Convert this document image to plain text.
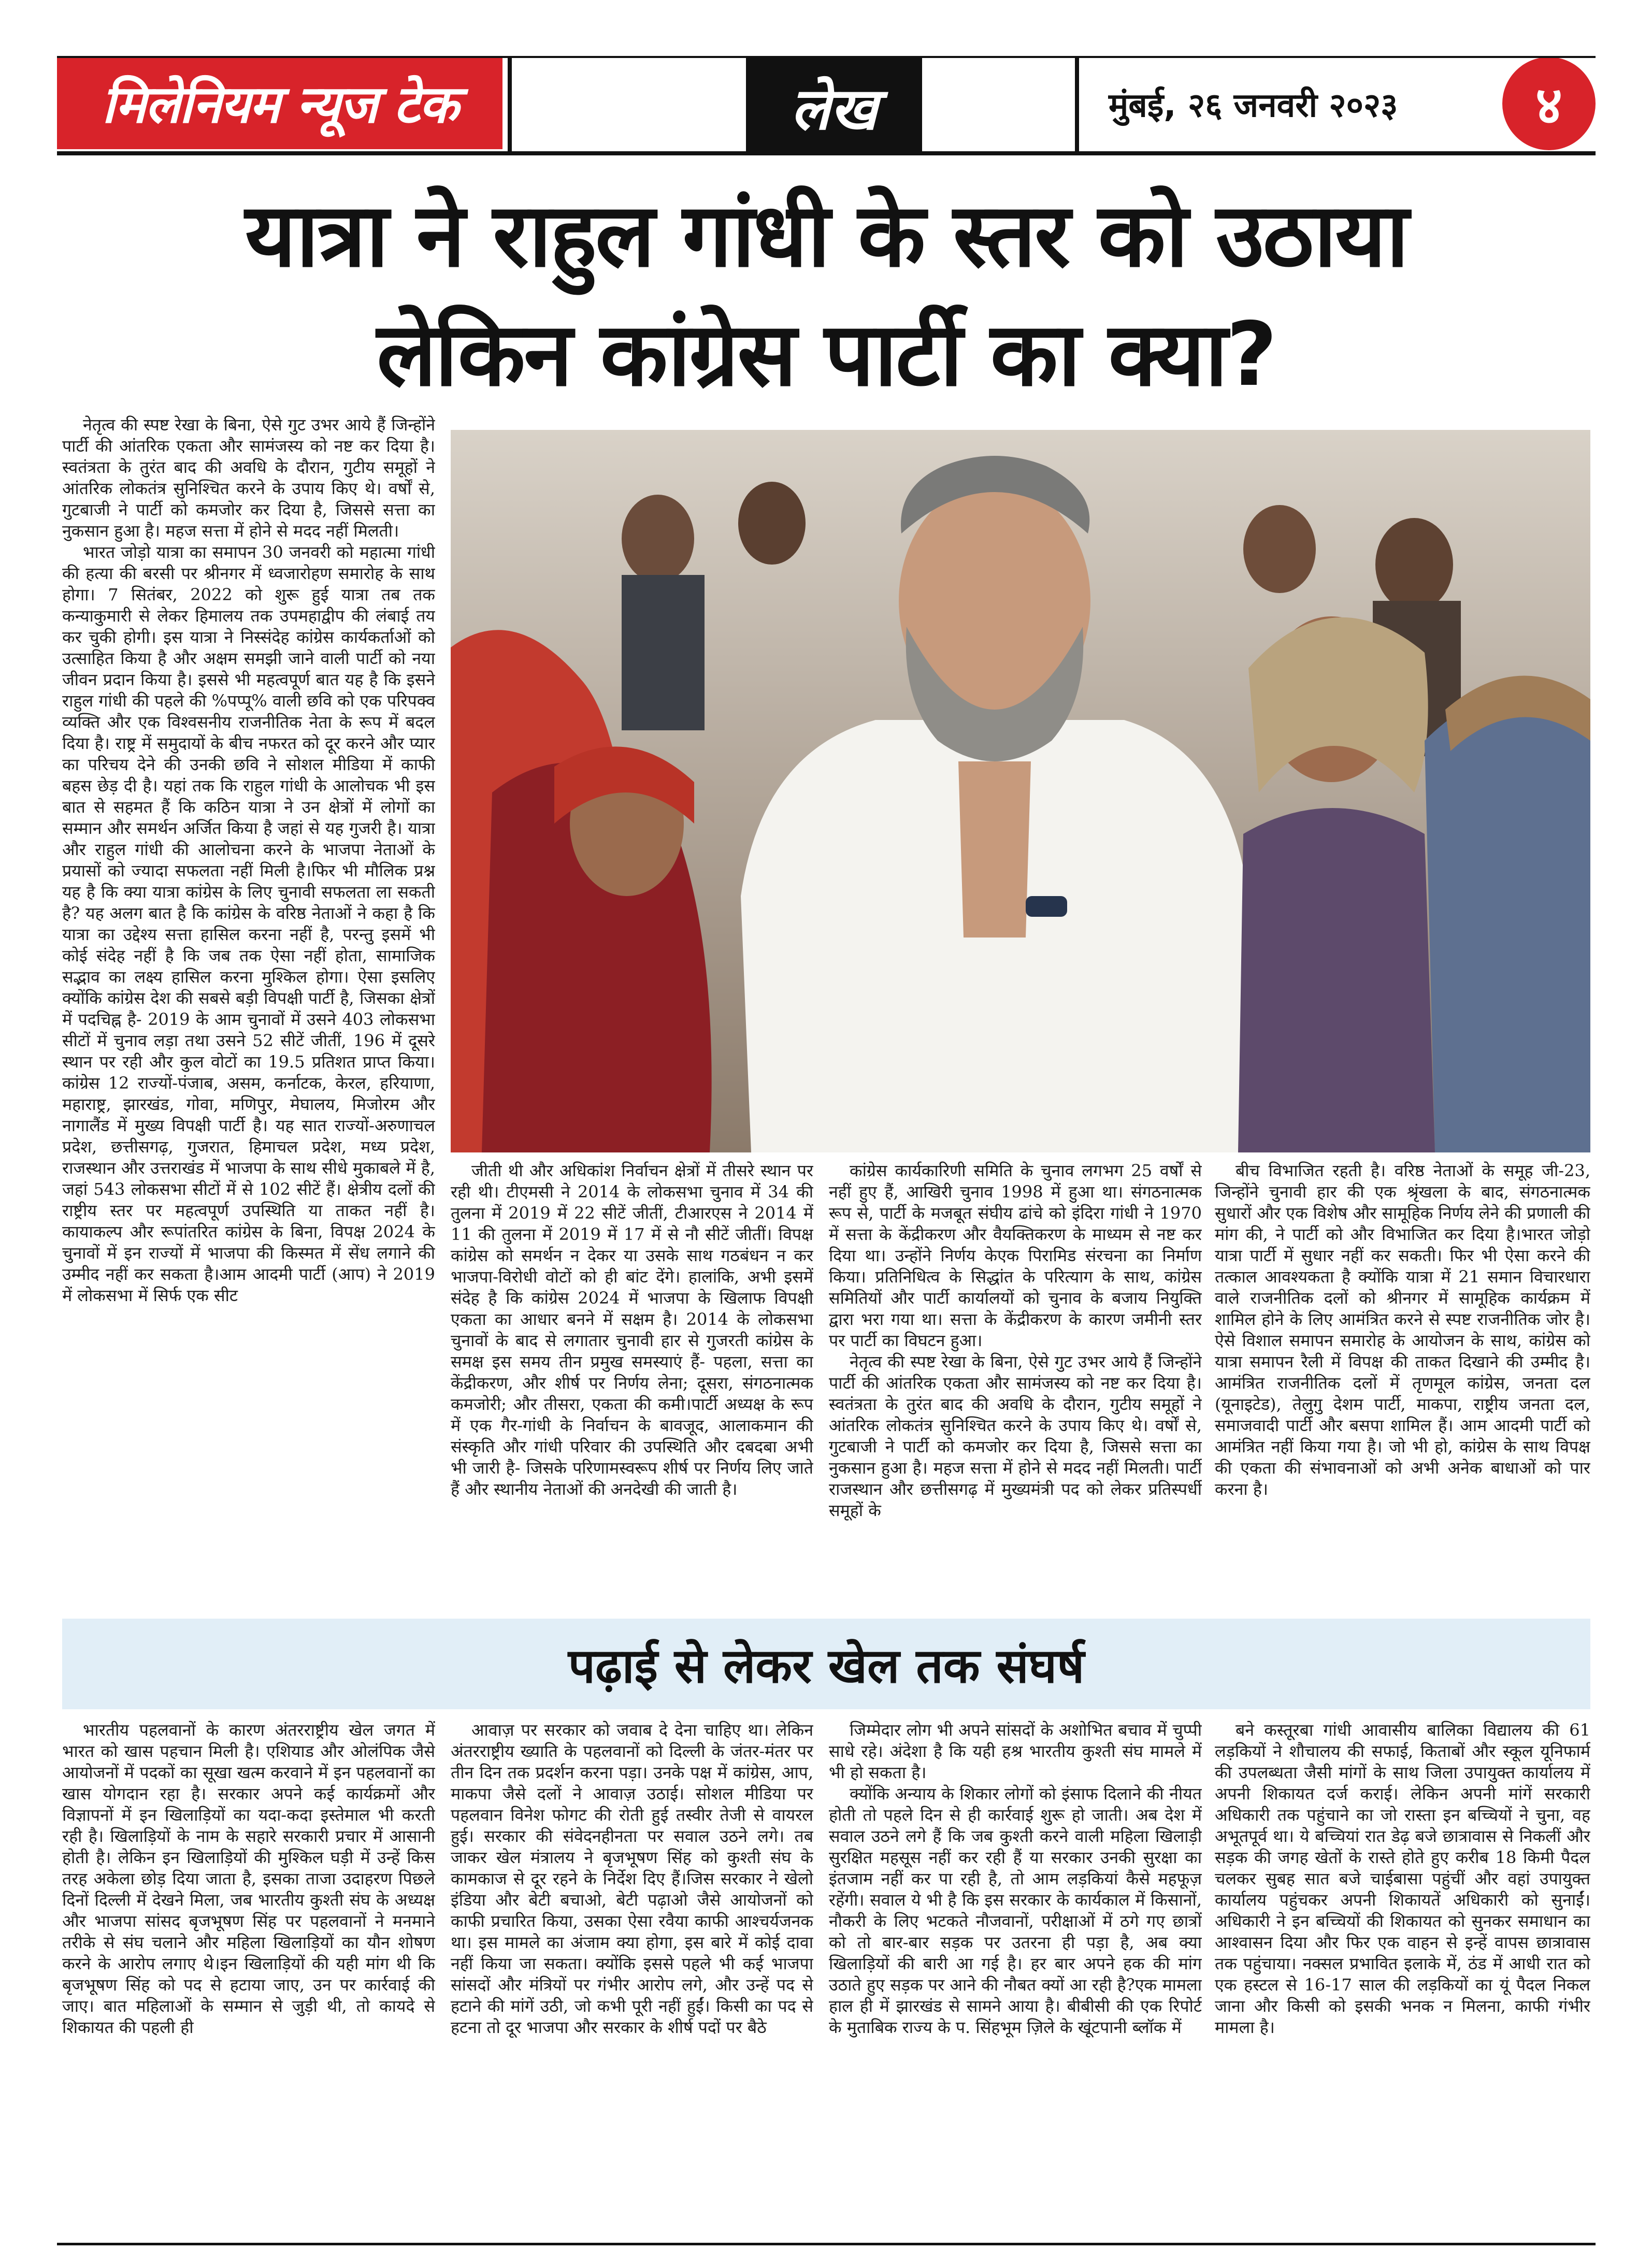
मिलेनियम न्यूज टेक	लेख	मुंबई, २६ जनवरी २०२३	४
यात्रा ने राहुल गांधी के स्तर को उठाया
लेकिन कांग्रेस पार्टी का क्या?

नेतृत्व की स्पष्ट रेखा के बिना, ऐसे गुट उभर आये हैं जिन्होंने पार्टी की आंतरिक एकता और सामंजस्य को नष्ट कर दिया है। स्वतंत्रता के तुरंत बाद की अवधि के दौरान, गुटीय समूहों ने आंतरिक लोकतंत्र सुनिश्चित करने के उपाय किए थे। वर्षों से, गुटबाजी ने पार्टी को कमजोर कर दिया है, जिससे सत्ता का नुकसान हुआ है। महज सत्ता में होने से मदद नहीं मिलती।

भारत जोड़ो यात्रा का समापन 30 जनवरी को महात्मा गांधी की हत्या की बरसी पर श्रीनगर में ध्वजारोहण समारोह के साथ होगा। 7 सितंबर, 2022 को शुरू हुई यात्रा तब तक कन्याकुमारी से लेकर हिमालय तक उपमहाद्वीप की लंबाई तय कर चुकी होगी। इस यात्रा ने निस्संदेह कांग्रेस कार्यकर्ताओं को उत्साहित किया है और अक्षम समझी जाने वाली पार्टी को नया जीवन प्रदान किया है। इससे भी महत्वपूर्ण बात यह है कि इसने राहुल गांधी की पहले की %पप्पू% वाली छवि को एक परिपक्व व्यक्ति और एक विश्वसनीय राजनीतिक नेता के रूप में बदल दिया है। राष्ट्र में समुदायों के बीच नफरत को दूर करने और प्यार का परिचय देने की उनकी छवि ने सोशल मीडिया में काफी बहस छेड़ दी है। यहां तक कि राहुल गांधी के आलोचक भी इस बात से सहमत हैं कि कठिन यात्रा ने उन क्षेत्रों में लोगों का सम्मान और समर्थन अर्जित किया है जहां से यह गुजरी है। यात्रा और राहुल गांधी की आलोचना करने के भाजपा नेताओं के प्रयासों को ज्यादा सफलता नहीं मिली है।फिर भी मौलिक प्रश्न यह है कि क्या यात्रा कांग्रेस के लिए चुनावी सफलता ला सकती है? यह अलग बात है कि कांग्रेस के वरिष्ठ नेताओं ने कहा है कि यात्रा का उद्देश्य सत्ता हासिल करना नहीं है, परन्तु इसमें भी कोई संदेह नहीं है कि जब तक ऐसा नहीं होता, सामाजिक सद्भाव का लक्ष्य हासिल करना मुश्किल होगा। ऐसा इसलिए क्योंकि कांग्रेस देश की सबसे बड़ी विपक्षी पार्टी है, जिसका क्षेत्रों में पदचिह्न है- 2019 के आम चुनावों में उसने 403 लोकसभा सीटों में चुनाव लड़ा तथा उसने 52 सीटें जीतीं, 196 में दूसरे स्थान पर रही और कुल वोटों का 19.5 प्रतिशत प्राप्त किया।कांग्रेस 12 राज्यों-पंजाब, असम, कर्नाटक, केरल, हरियाणा, महाराष्ट्र, झारखंड, गोवा, मणिपुर, मेघालय, मिजोरम और नागालैंड में मुख्य विपक्षी पार्टी है। यह सात राज्यों-अरुणाचल प्रदेश, छत्तीसगढ़, गुजरात, हिमाचल प्रदेश, मध्य प्रदेश, राजस्थान और उत्तराखंड में भाजपा के साथ सीधे मुकाबले में है, जहां 543 लोकसभा सीटों में से 102 सीटें हैं। क्षेत्रीय दलों की राष्ट्रीय स्तर पर महत्वपूर्ण उपस्थिति या ताकत नहीं है। कायाकल्प और रूपांतरित कांग्रेस के बिना, विपक्ष 2024 के चुनावों में इन राज्यों में भाजपा की किस्मत में सेंध लगाने की उम्मीद नहीं कर सकता है।आम आदमी पार्टी (आप) ने 2019 में लोकसभा में सिर्फ एक सीट

जीती थी और अधिकांश निर्वाचन क्षेत्रों में तीसरे स्थान पर रही थी। टीएमसी ने 2014 के लोकसभा चुनाव में 34 की तुलना में 2019 में 22 सीटें जीतीं, टीआरएस ने 2014 में 11 की तुलना में 2019 में 17 में से नौ सीटें जीतीं। विपक्ष कांग्रेस को समर्थन न देकर या उसके साथ गठबंधन न कर भाजपा-विरोधी वोटों को ही बांट देंगे। हालांकि, अभी इसमें संदेह है कि कांग्रेस 2024 में भाजपा के खिलाफ विपक्षी एकता का आधार बनने में सक्षम है। 2014 के लोकसभा चुनावों के बाद से लगातार चुनावी हार से गुजरती कांग्रेस के समक्ष इस समय तीन प्रमुख समस्याएं हैं- पहला, सत्ता का केंद्रीकरण, और शीर्ष पर निर्णय लेना; दूसरा, संगठनात्मक कमजोरी; और तीसरा, एकता की कमी।पार्टी अध्यक्ष के रूप में एक गैर-गांधी के निर्वाचन के बावजूद, आलाकमान की संस्कृति और गांधी परिवार की उपस्थिति और दबदबा अभी भी जारी है- जिसके परिणामस्वरूप शीर्ष पर निर्णय लिए जाते हैं और स्थानीय नेताओं की अनदेखी की जाती है।

कांग्रेस कार्यकारिणी समिति के चुनाव लगभग 25 वर्षों से नहीं हुए हैं, आखिरी चुनाव 1998 में हुआ था। संगठनात्मक रूप से, पार्टी के मजबूत संघीय ढांचे को इंदिरा गांधी ने 1970 में सत्ता के केंद्रीकरण और वैयक्तिकरण के माध्यम से नष्ट कर दिया था। उन्होंने निर्णय केएक पिरामिड संरचना का निर्माण किया। प्रतिनिधित्व के सिद्धांत के परित्याग के साथ, कांग्रेस समितियों और पार्टी कार्यालयों को चुनाव के बजाय नियुक्ति द्वारा भरा गया था। सत्ता के केंद्रीकरण के कारण जमीनी स्तर पर पार्टी का विघटन हुआ।

नेतृत्व की स्पष्ट रेखा के बिना, ऐसे गुट उभर आये हैं जिन्होंने पार्टी की आंतरिक एकता और सामंजस्य को नष्ट कर दिया है। स्वतंत्रता के तुरंत बाद की अवधि के दौरान, गुटीय समूहों ने आंतरिक लोकतंत्र सुनिश्चित करने के उपाय किए थे। वर्षों से, गुटबाजी ने पार्टी को कमजोर कर दिया है, जिससे सत्ता का नुकसान हुआ है। महज सत्ता में होने से मदद नहीं मिलती। पार्टी राजस्थान और छत्तीसगढ़ में मुख्यमंत्री पद को लेकर प्रतिस्पर्धी समूहों के

बीच विभाजित रहती है। वरिष्ठ नेताओं के समूह जी-23, जिन्होंने चुनावी हार की एक श्रृंखला के बाद, संगठनात्मक सुधारों और एक विशेष और सामूहिक निर्णय लेने की प्रणाली की मांग की, ने पार्टी को और विभाजित कर दिया है।भारत जोड़ो यात्रा पार्टी में सुधार नहीं कर सकती। फिर भी ऐसा करने की तत्काल आवश्यकता है क्योंकि यात्रा में 21 समान विचारधारा वाले राजनीतिक दलों को श्रीनगर में सामूहिक कार्यक्रम में शामिल होने के लिए आमंत्रित करने से स्पष्ट राजनीतिक जोर है। ऐसे विशाल समापन समारोह के आयोजन के साथ, कांग्रेस को यात्रा समापन रैली में विपक्ष की ताकत दिखाने की उम्मीद है। आमंत्रित राजनीतिक दलों में तृणमूल कांग्रेस, जनता दल (यूनाइटेड), तेलुगु देशम पार्टी, माकपा, राष्ट्रीय जनता दल, समाजवादी पार्टी और बसपा शामिल हैं। आम आदमी पार्टी को आमंत्रित नहीं किया गया है। जो भी हो, कांग्रेस के साथ विपक्ष की एकता की संभावनाओं को अभी अनेक बाधाओं को पार करना है।

पढ़ाई से लेकर खेल तक संघर्ष

भारतीय पहलवानों के कारण अंतरराष्ट्रीय खेल जगत में भारत को खास पहचान मिली है। एशियाड और ओलंपिक जैसे आयोजनों में पदकों का सूखा खत्म करवाने में इन पहलवानों का खास योगदान रहा है। सरकार अपने कई कार्यक्रमों और विज्ञापनों में इन खिलाड़ियों का यदा-कदा इस्तेमाल भी करती रही है। खिलाड़ियों के नाम के सहारे सरकारी प्रचार में आसानी होती है। लेकिन इन खिलाड़ियों की मुश्किल घड़ी में उन्हें किस तरह अकेला छोड़ दिया जाता है, इसका ताजा उदाहरण पिछले दिनों दिल्ली में देखने मिला, जब भारतीय कुश्ती संघ के अध्यक्ष और भाजपा सांसद बृजभूषण सिंह पर पहलवानों ने मनमाने तरीके से संघ चलाने और महिला खिलाड़ियों का यौन शोषण करने के आरोप लगाए थे।इन खिलाड़ियों की यही मांग थी कि बृजभूषण सिंह को पद से हटाया जाए, उन पर कार्रवाई की जाए। बात महिलाओं के सम्मान से जुड़ी थी, तो कायदे से शिकायत की पहली ही

आवाज़ पर सरकार को जवाब दे देना चाहिए था। लेकिन अंतरराष्ट्रीय ख्याति के पहलवानों को दिल्ली के जंतर-मंतर पर तीन दिन तक प्रदर्शन करना पड़ा। उनके पक्ष में कांग्रेस, आप, माकपा जैसे दलों ने आवाज़ उठाई। सोशल मीडिया पर पहलवान विनेश फोगट की रोती हुई तस्वीर तेजी से वायरल हुई। सरकार की संवेदनहीनता पर सवाल उठने लगे। तब जाकर खेल मंत्रालय ने बृजभूषण सिंह को कुश्ती संघ के कामकाज से दूर रहने के निर्देश दिए हैं।जिस सरकार ने खेलो इंडिया और बेटी बचाओ, बेटी पढ़ाओ जैसे आयोजनों को काफी प्रचारित किया, उसका ऐसा रवैया काफी आश्चर्यजनक था। इस मामले का अंजाम क्या होगा, इस बारे में कोई दावा नहीं किया जा सकता। क्योंकि इससे पहले भी कई भाजपा सांसदों और मंत्रियों पर गंभीर आरोप लगे, और उन्हें पद से हटाने की मांगें उठी, जो कभी पूरी नहीं हुईं। किसी का पद से हटना तो दूर भाजपा और सरकार के शीर्ष पदों पर बैठे

जिम्मेदार लोग भी अपने सांसदों के अशोभित बचाव में चुप्पी साधे रहे। अंदेशा है कि यही हश्र भारतीय कुश्ती संघ मामले में भी हो सकता है।

क्योंकि अन्याय के शिकार लोगों को इंसाफ दिलाने की नीयत होती तो पहले दिन से ही कार्रवाई शुरू हो जाती। अब देश में सवाल उठने लगे हैं कि जब कुश्ती करने वाली महिला खिलाड़ी सुरक्षित महसूस नहीं कर रही हैं या सरकार उनकी सुरक्षा का इंतजाम नहीं कर पा रही है, तो आम लड़कियां कैसे महफूज़ रहेंगी। सवाल ये भी है कि इस सरकार के कार्यकाल में किसानों, नौकरी के लिए भटकते नौजवानों, परीक्षाओं में ठगे गए छात्रों को तो बार-बार सड़क पर उतरना ही पड़ा है, अब क्या खिलाड़ियों की बारी आ गई है। हर बार अपने हक की मांग उठाते हुए सड़क पर आने की नौबत क्यों आ रही है?एक मामला हाल ही में झारखंड से सामने आया है। बीबीसी की एक रिपोर्ट के मुताबिक राज्य के प. सिंहभूम ज़िले के खूंटपानी ब्लॉक में

बने कस्तूरबा गांधी आवासीय बालिका विद्यालय की 61 लड़कियों ने शौचालय की सफाई, किताबों और स्कूल यूनिफार्म की उपलब्धता जैसी मांगों के साथ जिला उपायुक्त कार्यालय में अपनी शिकायत दर्ज कराई। लेकिन अपनी मांगें सरकारी अधिकारी तक पहुंचाने का जो रास्ता इन बच्चियों ने चुना, वह अभूतपूर्व था। ये बच्चियां रात डेढ़ बजे छात्रावास से निकलीं और सड़क की जगह खेतों के रास्ते होते हुए करीब 18 किमी पैदल चलकर सुबह सात बजे चाईबासा पहुंचीं और वहां उपायुक्त कार्यालय पहुंचकर अपनी शिकायतें अधिकारी को सुनाईं। अधिकारी ने इन बच्चियों की शिकायत को सुनकर समाधान का आश्वासन दिया और फिर एक वाहन से इन्हें वापस छात्रावास तक पहुंचाया। नक्सल प्रभावित इलाके में, ठंड में आधी रात को एक हस्टल से 16-17 साल की लड़कियों का यूं पैदल निकल जाना और किसी को इसकी भनक न मिलना, काफी गंभीर मामला है।
